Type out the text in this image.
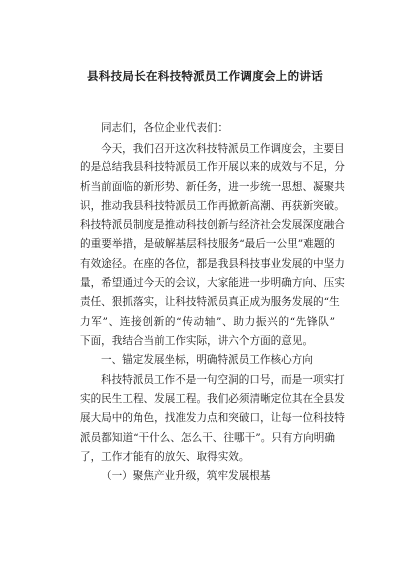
县科技局长在科技特派员工作调度会上的讲话
同志们，各位企业代表们：
今天，我们召开这次科技特派员工作调度会，主要目
的是总结我县科技特派员工作开展以来的成效与不足，分
析当前面临的新形势、新任务，进一步统一思想、凝聚共
识，推动我县科技特派员工作再掀新高潮、再获新突破。
科技特派员制度是推动科技创新与经济社会发展深度融合
的重要举措，是破解基层科技服务“最后一公里”难题的
有效途径。在座的各位，都是我县科技事业发展的中坚力
量，希望通过今天的会议，大家能进一步明确方向、压实
责任、狠抓落实，让科技特派员真正成为服务发展的“生
力军”、连接创新的“传动轴”、助力振兴的“先锋队”
下面，我结合当前工作实际，讲六个方面的意见。
一、锚定发展坐标，明确特派员工作核心方向
科技特派员工作不是一句空洞的口号，而是一项实打
实的民生工程、发展工程。我们必须清晰定位其在全县发
展大局中的角色，找准发力点和突破口，让每一位科技特
派员都知道“干什么、怎么干、往哪干”。只有方向明确
了，工作才能有的放矢、取得实效。
（一）聚焦产业升级，筑牢发展根基
